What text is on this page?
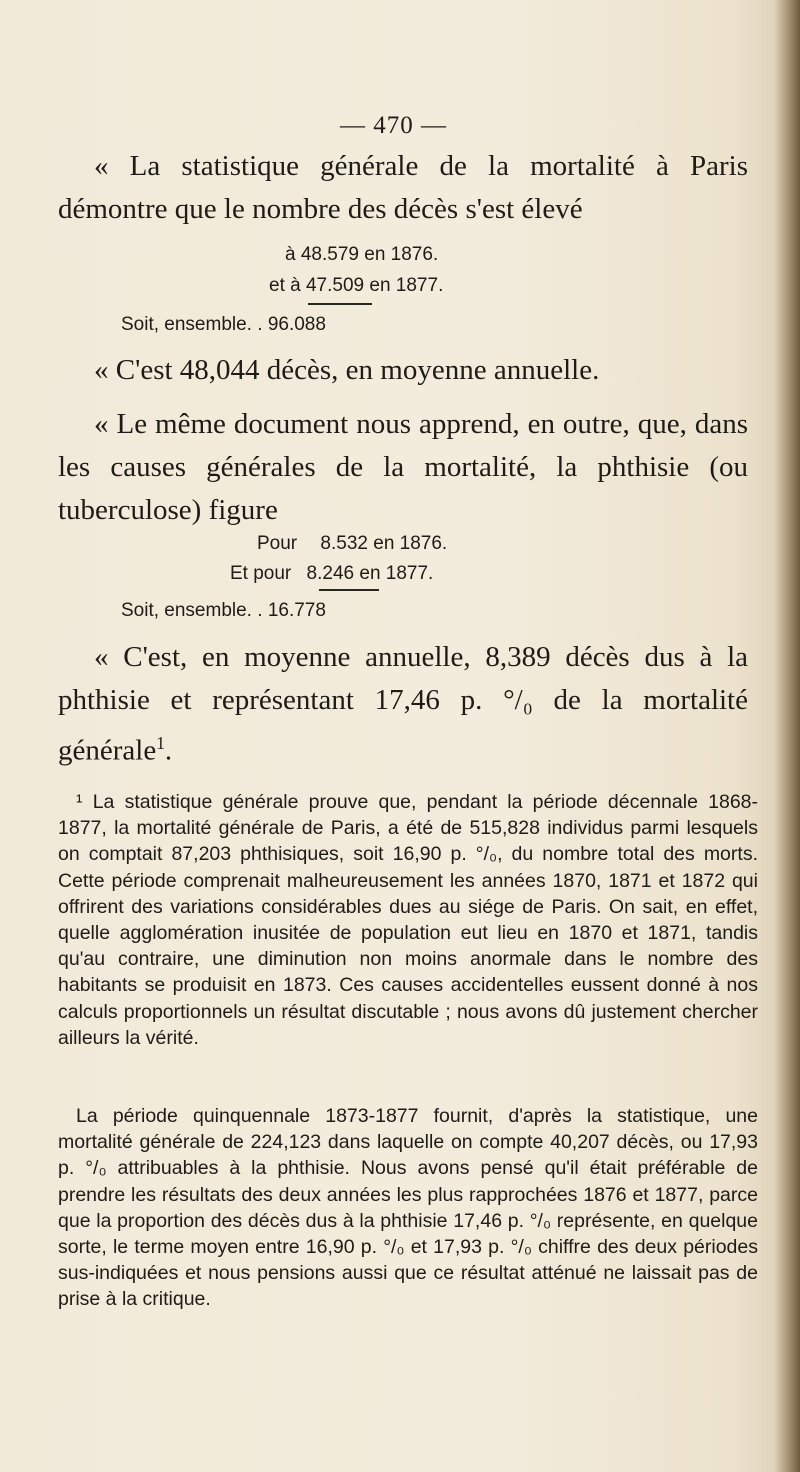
— 470 —

« La statistique générale de la mortalité à Paris démontre que le nombre des décès s'est élevé

à 48.579 en 1876.
et à 47.509 en 1877.
Soit, ensemble. . 96.088

« C'est 48,044 décès, en moyenne annuelle.

« Le même document nous apprend, en outre, que, dans les causes générales de la mortalité, la phthisie (ou tuberculose) figure

Pour 8.532 en 1876.
Et pour 8.246 en 1877.
Soit, ensemble. . 16.778

« C'est, en moyenne annuelle, 8,389 décès dus à la phthisie et représentant 17,46 p. °/₀ de la mortalité générale$^1$.

¹ La statistique générale prouve que, pendant la période décennale 1868-1877, la mortalité générale de Paris, a été de 515,828 individus parmi lesquels on comptait 87,203 phthisiques, soit 16,90 p. °/₀, du nombre total des morts. Cette période comprenait malheureusement les années 1870, 1871 et 1872 qui offrirent des variations considérables dues au siége de Paris. On sait, en effet, quelle agglomération inusitée de population eut lieu en 1870 et 1871, tandis qu'au contraire, une diminution non moins anormale dans le nombre des habitants se produisit en 1873. Ces causes accidentelles eussent donné à nos calculs proportionnels un résultat discutable ; nous avons dû justement chercher ailleurs la vérité.

La période quinquennale 1873-1877 fournit, d'après la statistique, une mortalité générale de 224,123 dans laquelle on compte 40,207 décès, ou 17,93 p. °/₀ attribuables à la phthisie. Nous avons pensé qu'il était préférable de prendre les résultats des deux années les plus rapprochées 1876 et 1877, parce que la proportion des décès dus à la phthisie 17,46 p. °/₀ représente, en quelque sorte, le terme moyen entre 16,90 p. °/₀ et 17,93 p. °/₀ chiffre des deux périodes sus-indiquées et nous pensions aussi que ce résultat atténué ne laissait pas de prise à la critique.
